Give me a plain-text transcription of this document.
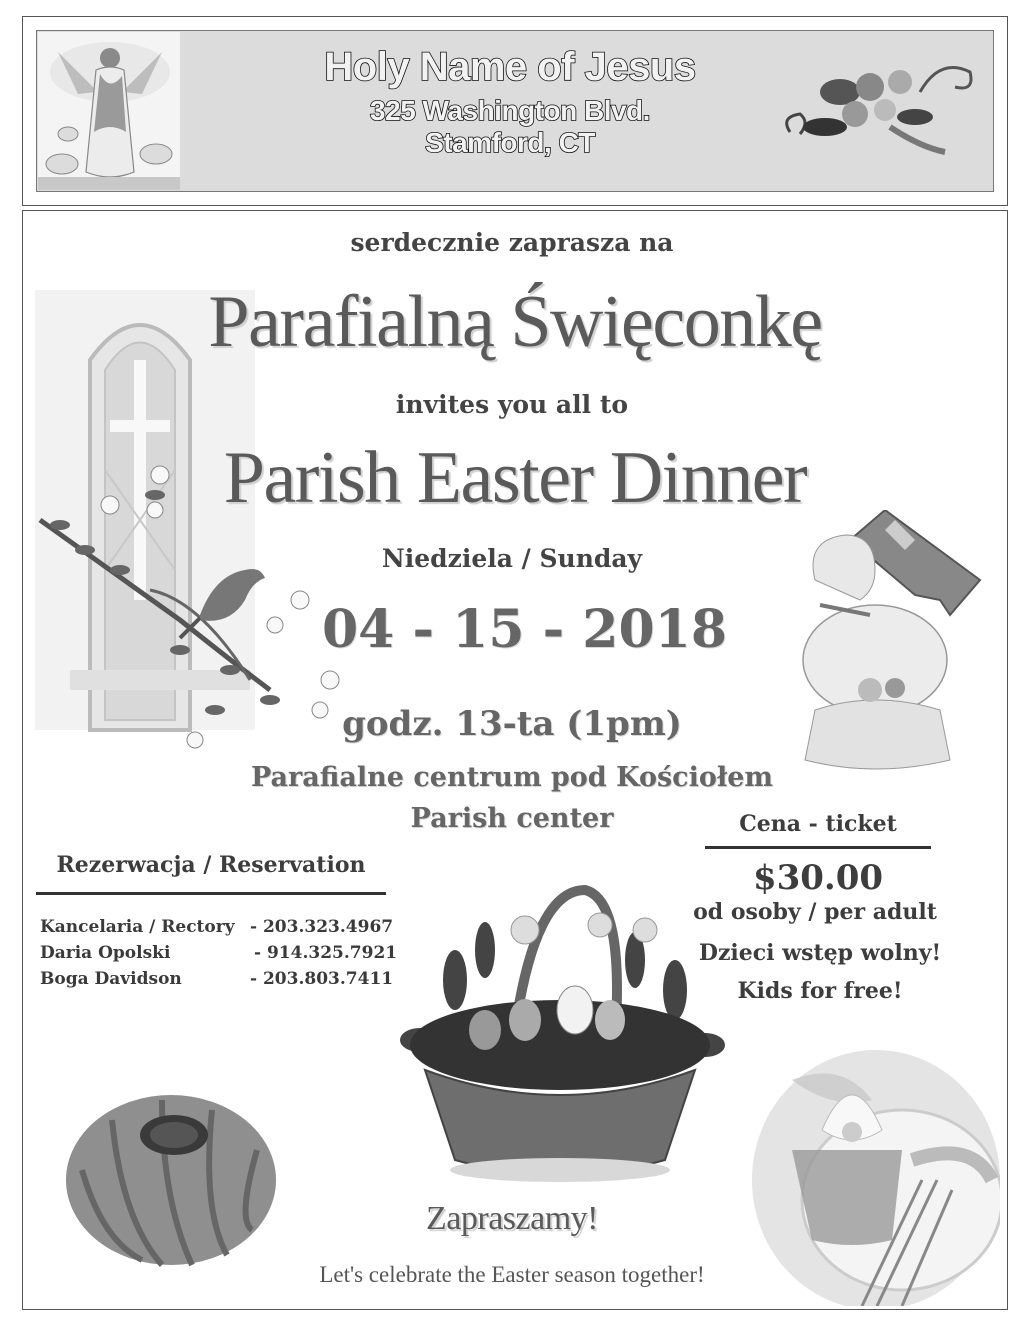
Holy Name of Jesus
325 Washington Blvd.
Stamford, CT
serdecznie zaprasza na
Parafialną Święconkę
invites you all to
Parish Easter Dinner
Niedziela / Sunday
04 - 15 - 2018
godz. 13-ta (1pm)
Parafialne centrum pod Kościołem
Parish center
Rezerwacja / Reservation
Kancelaria / Rectory - 203.323.4967
Daria Opolski	- 914.325.7921
Boga Davidson	- 203.803.7411
Cena - ticket
$30.00
od osoby / per adult
Dzieci wstęp wolny!
Kids for free!
Zapraszamy!
Let's celebrate the Easter season together!
